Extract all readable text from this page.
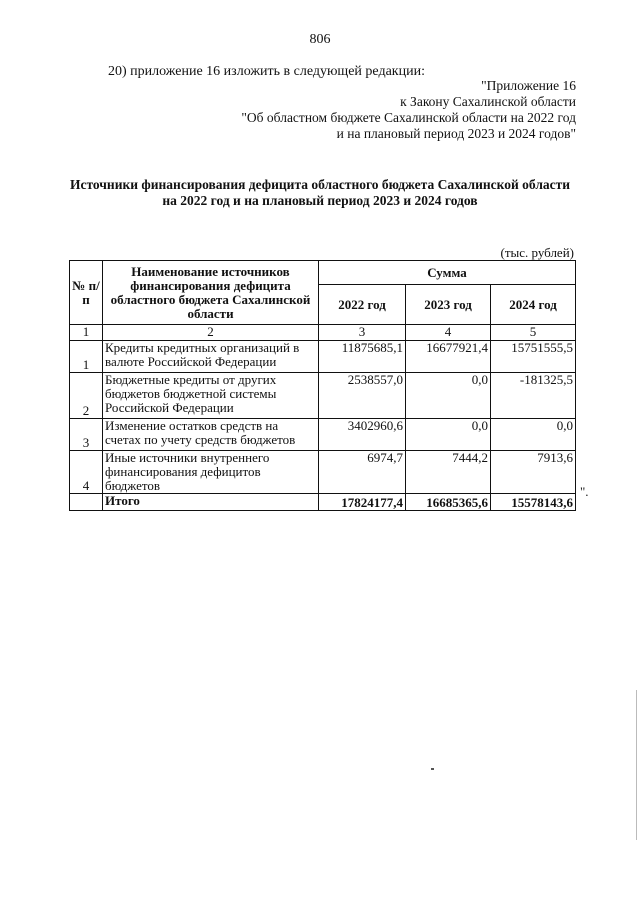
806
20) приложение 16 изложить в следующей редакции:
"Приложение 16
к Закону Сахалинской области
"Об областном бюджете Сахалинской области на 2022 год
и на плановый период 2023 и 2024 годов"
Источники финансирования дефицита областного бюджета Сахалинской области
на 2022 год и на плановый период 2023 и 2024 годов
(тыс. рублей)
№ п/п	Наименование источников финансирования дефицита областного бюджета Сахалинской области	Сумма		
		2022 год	2023 год	2024 год
1	2	3	4	5
1	Кредиты кредитных организаций в валюте Российской Федерации	11875685,1	16677921,4	15751555,5
2	Бюджетные кредиты от других бюджетов бюджетной системы Российской Федерации	2538557,0	0,0	-181325,5
3	Изменение остатков средств на счетах по учету средств бюджетов	3402960,6	0,0	0,0
4	Иные источники внутреннего финансирования дефицитов бюджетов	6974,7	7444,2	7913,6
	Итого	17824177,4	16685365,6	15578143,6
".
